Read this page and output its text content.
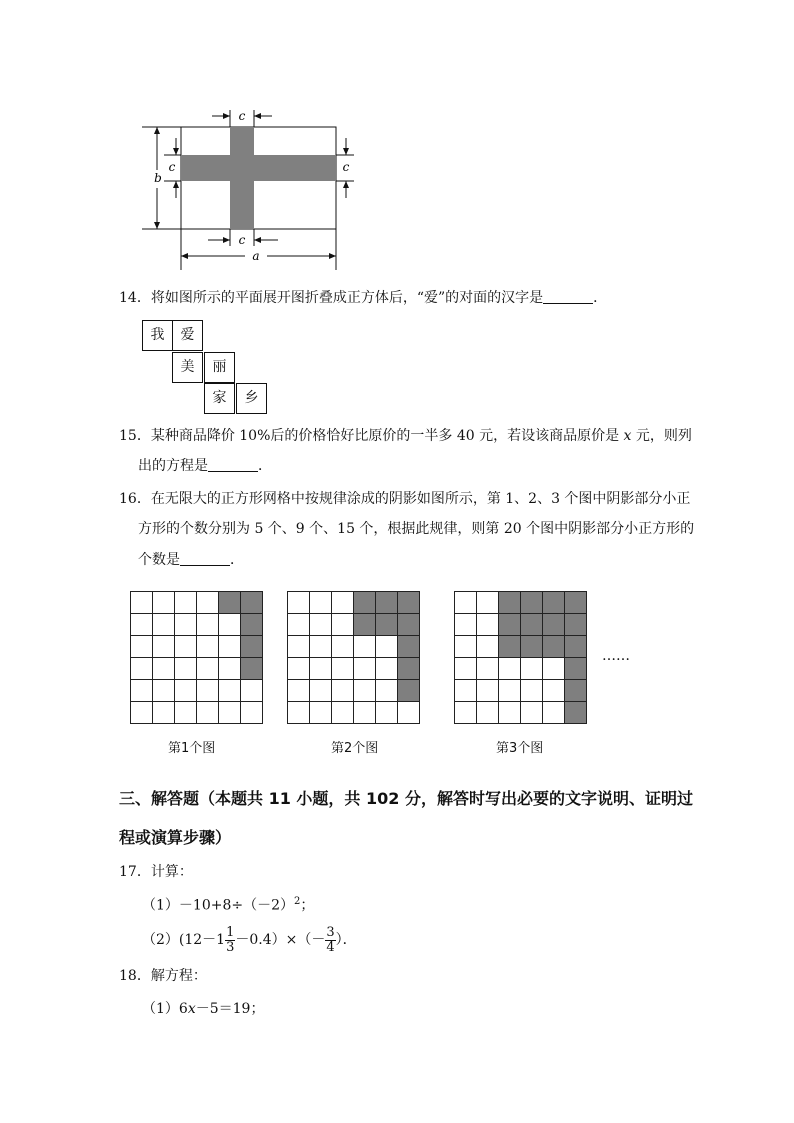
c
c
b
c	c
a
14．将如图所示的平面展开图折叠成正方体后，“爱”的对面的汉字是	．
我	爱
美	丽
家	乡
15．某种商品降价 10%后的价格恰好比原价的一半多 40 元，若设该商品原价是 x 元，则列
出的方程是	．
16．在无限大的正方形网格中按规律涂成的阴影如图所示，第 1、2、3 个图中阴影部分小正
方形的个数分别为 5 个、9 个、15 个，根据此规律，则第 20 个图中阴影部分小正方形的
个数是	．
……
第1个图	第2个图	第3个图
三、解答题（本题共 11 小题，共 102 分，解答时写出必要的文字说明、证明过
程或演算步骤）
17．计算：
$(1)-10+8\div(-2)^2$；
$(2)(12-1 \frac{1}{3} -0.4)\times(- \frac{3}{4}$ ）．
18．解方程：
（1）6x－5＝19；
